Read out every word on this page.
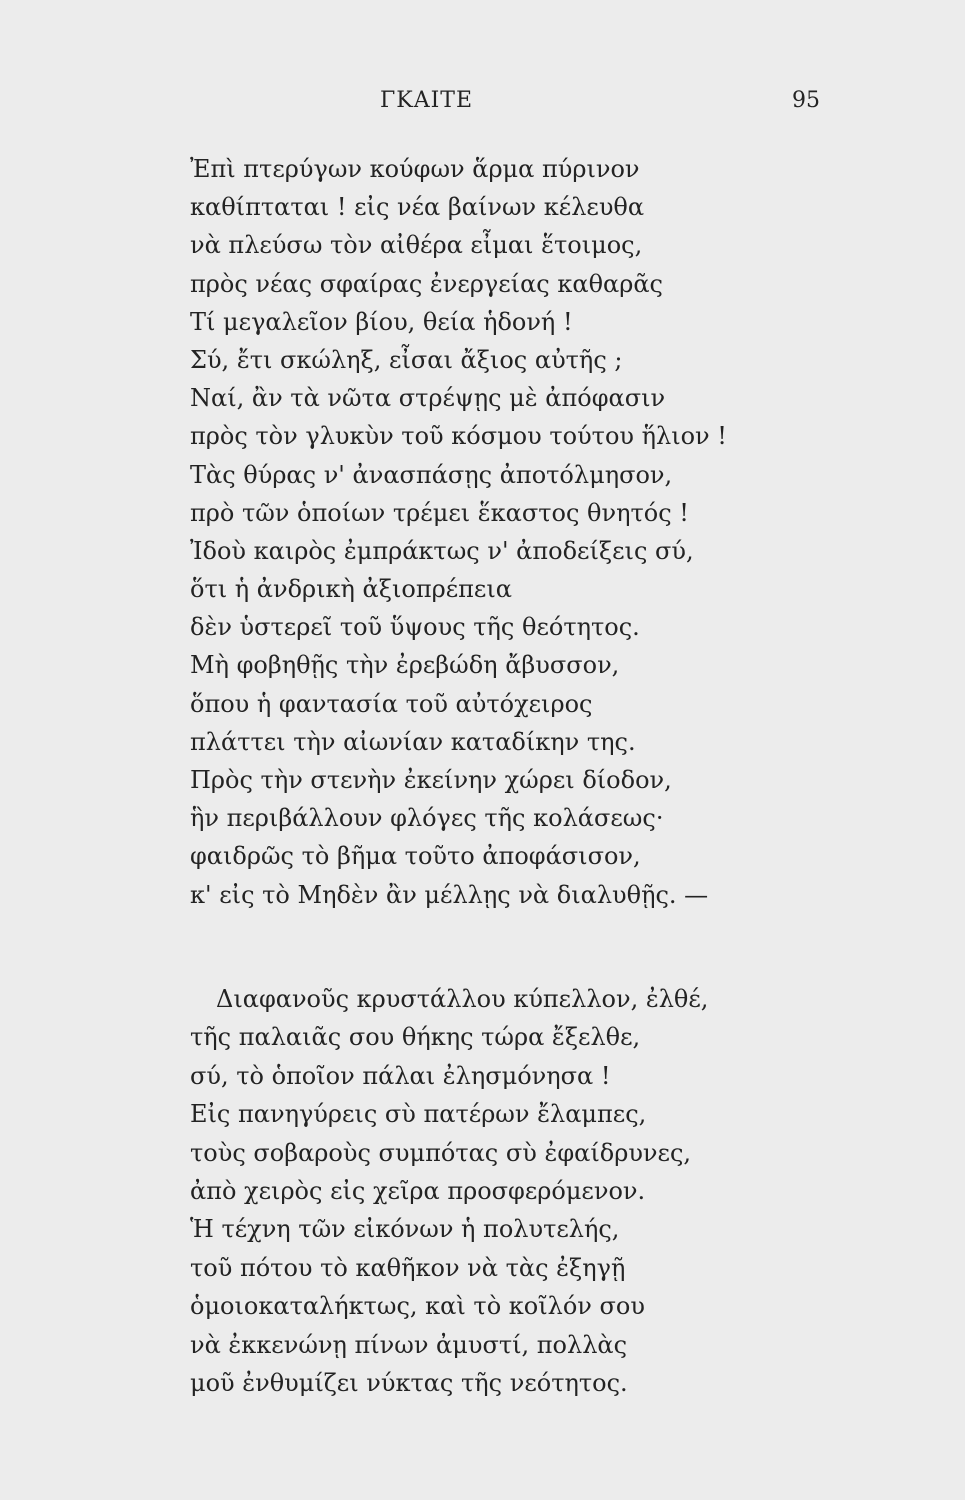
ΓΚΑΙΤΕ	95
Ἐπὶ πτερύγων κούφων ἅρμα πύρινον
καθίπταται ! εἰς νέα βαίνων κέλευθα
νὰ πλεύσω τὸν αἰθέρα εἶμαι ἕτοιμος,
πρὸς νέας σφαίρας ἐνεργείας καθαρᾶς
Τί μεγαλεῖον βίου, θεία ἡδονή !
Σύ, ἔτι σκώληξ, εἶσαι ἄξιος αὐτῆς ;
Ναί, ἂν τὰ νῶτα στρέψῃς μὲ ἀπόφασιν
πρὸς τὸν γλυκὺν τοῦ κόσμου τούτου ἥλιον !
Τὰς θύρας ν' ἀνασπάσῃς ἀποτόλμησον,
πρὸ τῶν ὁποίων τρέμει ἕκαστος θνητός !
Ἰδοὺ καιρὸς ἐμπράκτως ν' ἀποδείξεις σύ,
ὅτι ἡ ἀνδρικὴ ἀξιοπρέπεια
δὲν ὑστερεῖ τοῦ ὕψους τῆς θεότητος.
Μὴ φοβηθῇς τὴν ἐρεβώδη ἄβυσσον,
ὅπου ἡ φαντασία τοῦ αὐτόχειρος
πλάττει τὴν αἰωνίαν καταδίκην της.
Πρὸς τὴν στενὴν ἐκείνην χώρει δίοδον,
ἣν περιβάλλουν φλόγες τῆς κολάσεως·
φαιδρῶς τὸ βῆμα τοῦτο ἀποφάσισον,
κ' εἰς τὸ Μηδὲν ἂν μέλλῃς νὰ διαλυθῇς. —
Διαφανοῦς κρυστάλλου κύπελλον, ἐλθέ,
τῆς παλαιᾶς σου θήκης τώρα ἔξελθε,
σύ, τὸ ὁποῖον πάλαι ἐλησμόνησα !
Εἰς πανηγύρεις σὺ πατέρων ἔλαμπες,
τοὺς σοβαροὺς συμπότας σὺ ἐφαίδρυνες,
ἀπὸ χειρὸς εἰς χεῖρα προσφερόμενον.
Ἡ τέχνη τῶν εἰκόνων ἡ πολυτελής,
τοῦ πότου τὸ καθῆκον νὰ τὰς ἐξηγῇ
ὁμοιοκαταλήκτως, καὶ τὸ κοῖλόν σου
νὰ ἐκκενώνῃ πίνων ἀμυστί, πολλὰς
μοῦ ἐνθυμίζει νύκτας τῆς νεότητος.
